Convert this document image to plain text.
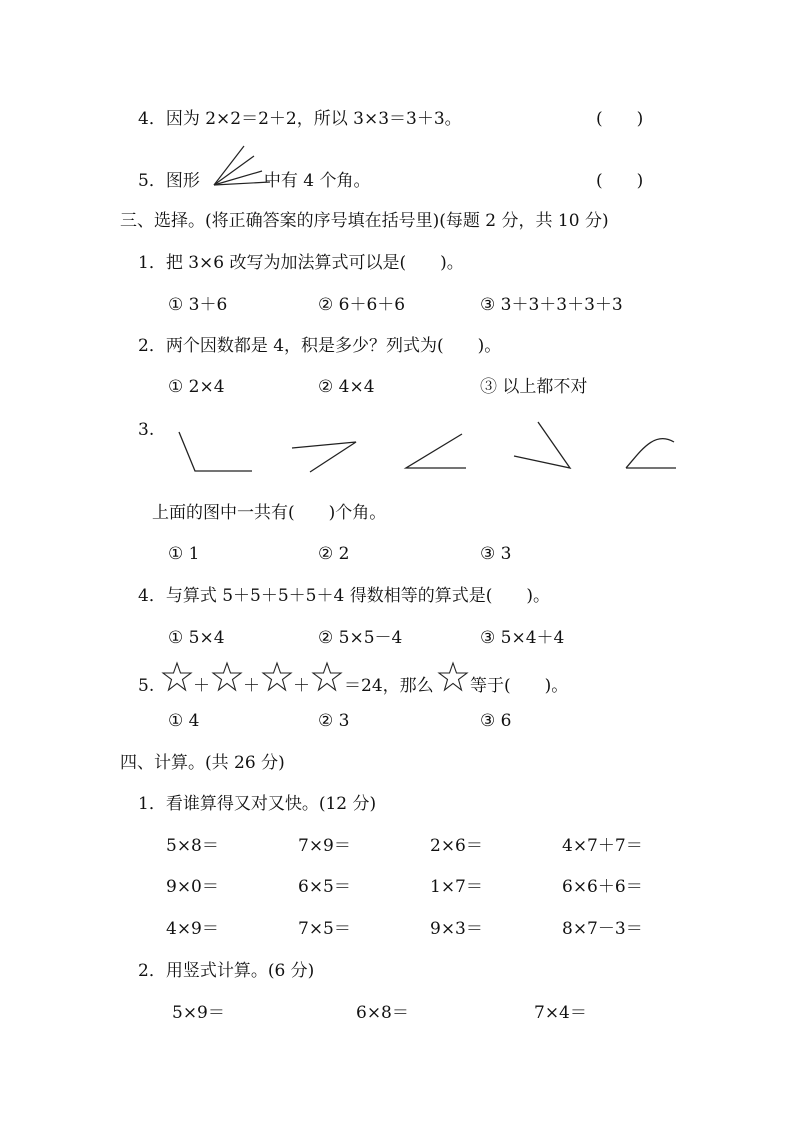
4．因为 2×2＝2＋2，所以 3×3＝3＋3。	(　　)
5．图形	中有 4 个角。	(　　)
三、选择。(将正确答案的序号填在括号里)(每题 2 分，共 10 分)
1．把 3×6 改写为加法算式可以是(　　)。
① 3＋6	② 6＋6＋6	③ 3＋3＋3＋3＋3
2．两个因数都是 4，积是多少？列式为(　　)。
① 2×4	② 4×4	③ 以上都不对
3.
上面的图中一共有(　　)个角。
① 1	② 2	③ 3
4．与算式 5＋5＋5＋5＋4 得数相等的算式是(　　)。
① 5×4	② 5×5－4	③ 5×4＋4
5. ＋ ＋ ＋ ＝24，那么 等于(　　)。
① 4	② 3	③ 6
四、计算。(共 26 分)
1．看谁算得又对又快。(12 分)
5×8＝	7×9＝	2×6＝	4×7＋7＝
9×0＝	6×5＝	1×7＝	6×6＋6＝
4×9＝	7×5＝	9×3＝	8×7－3＝
2．用竖式计算。(6 分)
5×9＝	6×8＝	7×4＝
